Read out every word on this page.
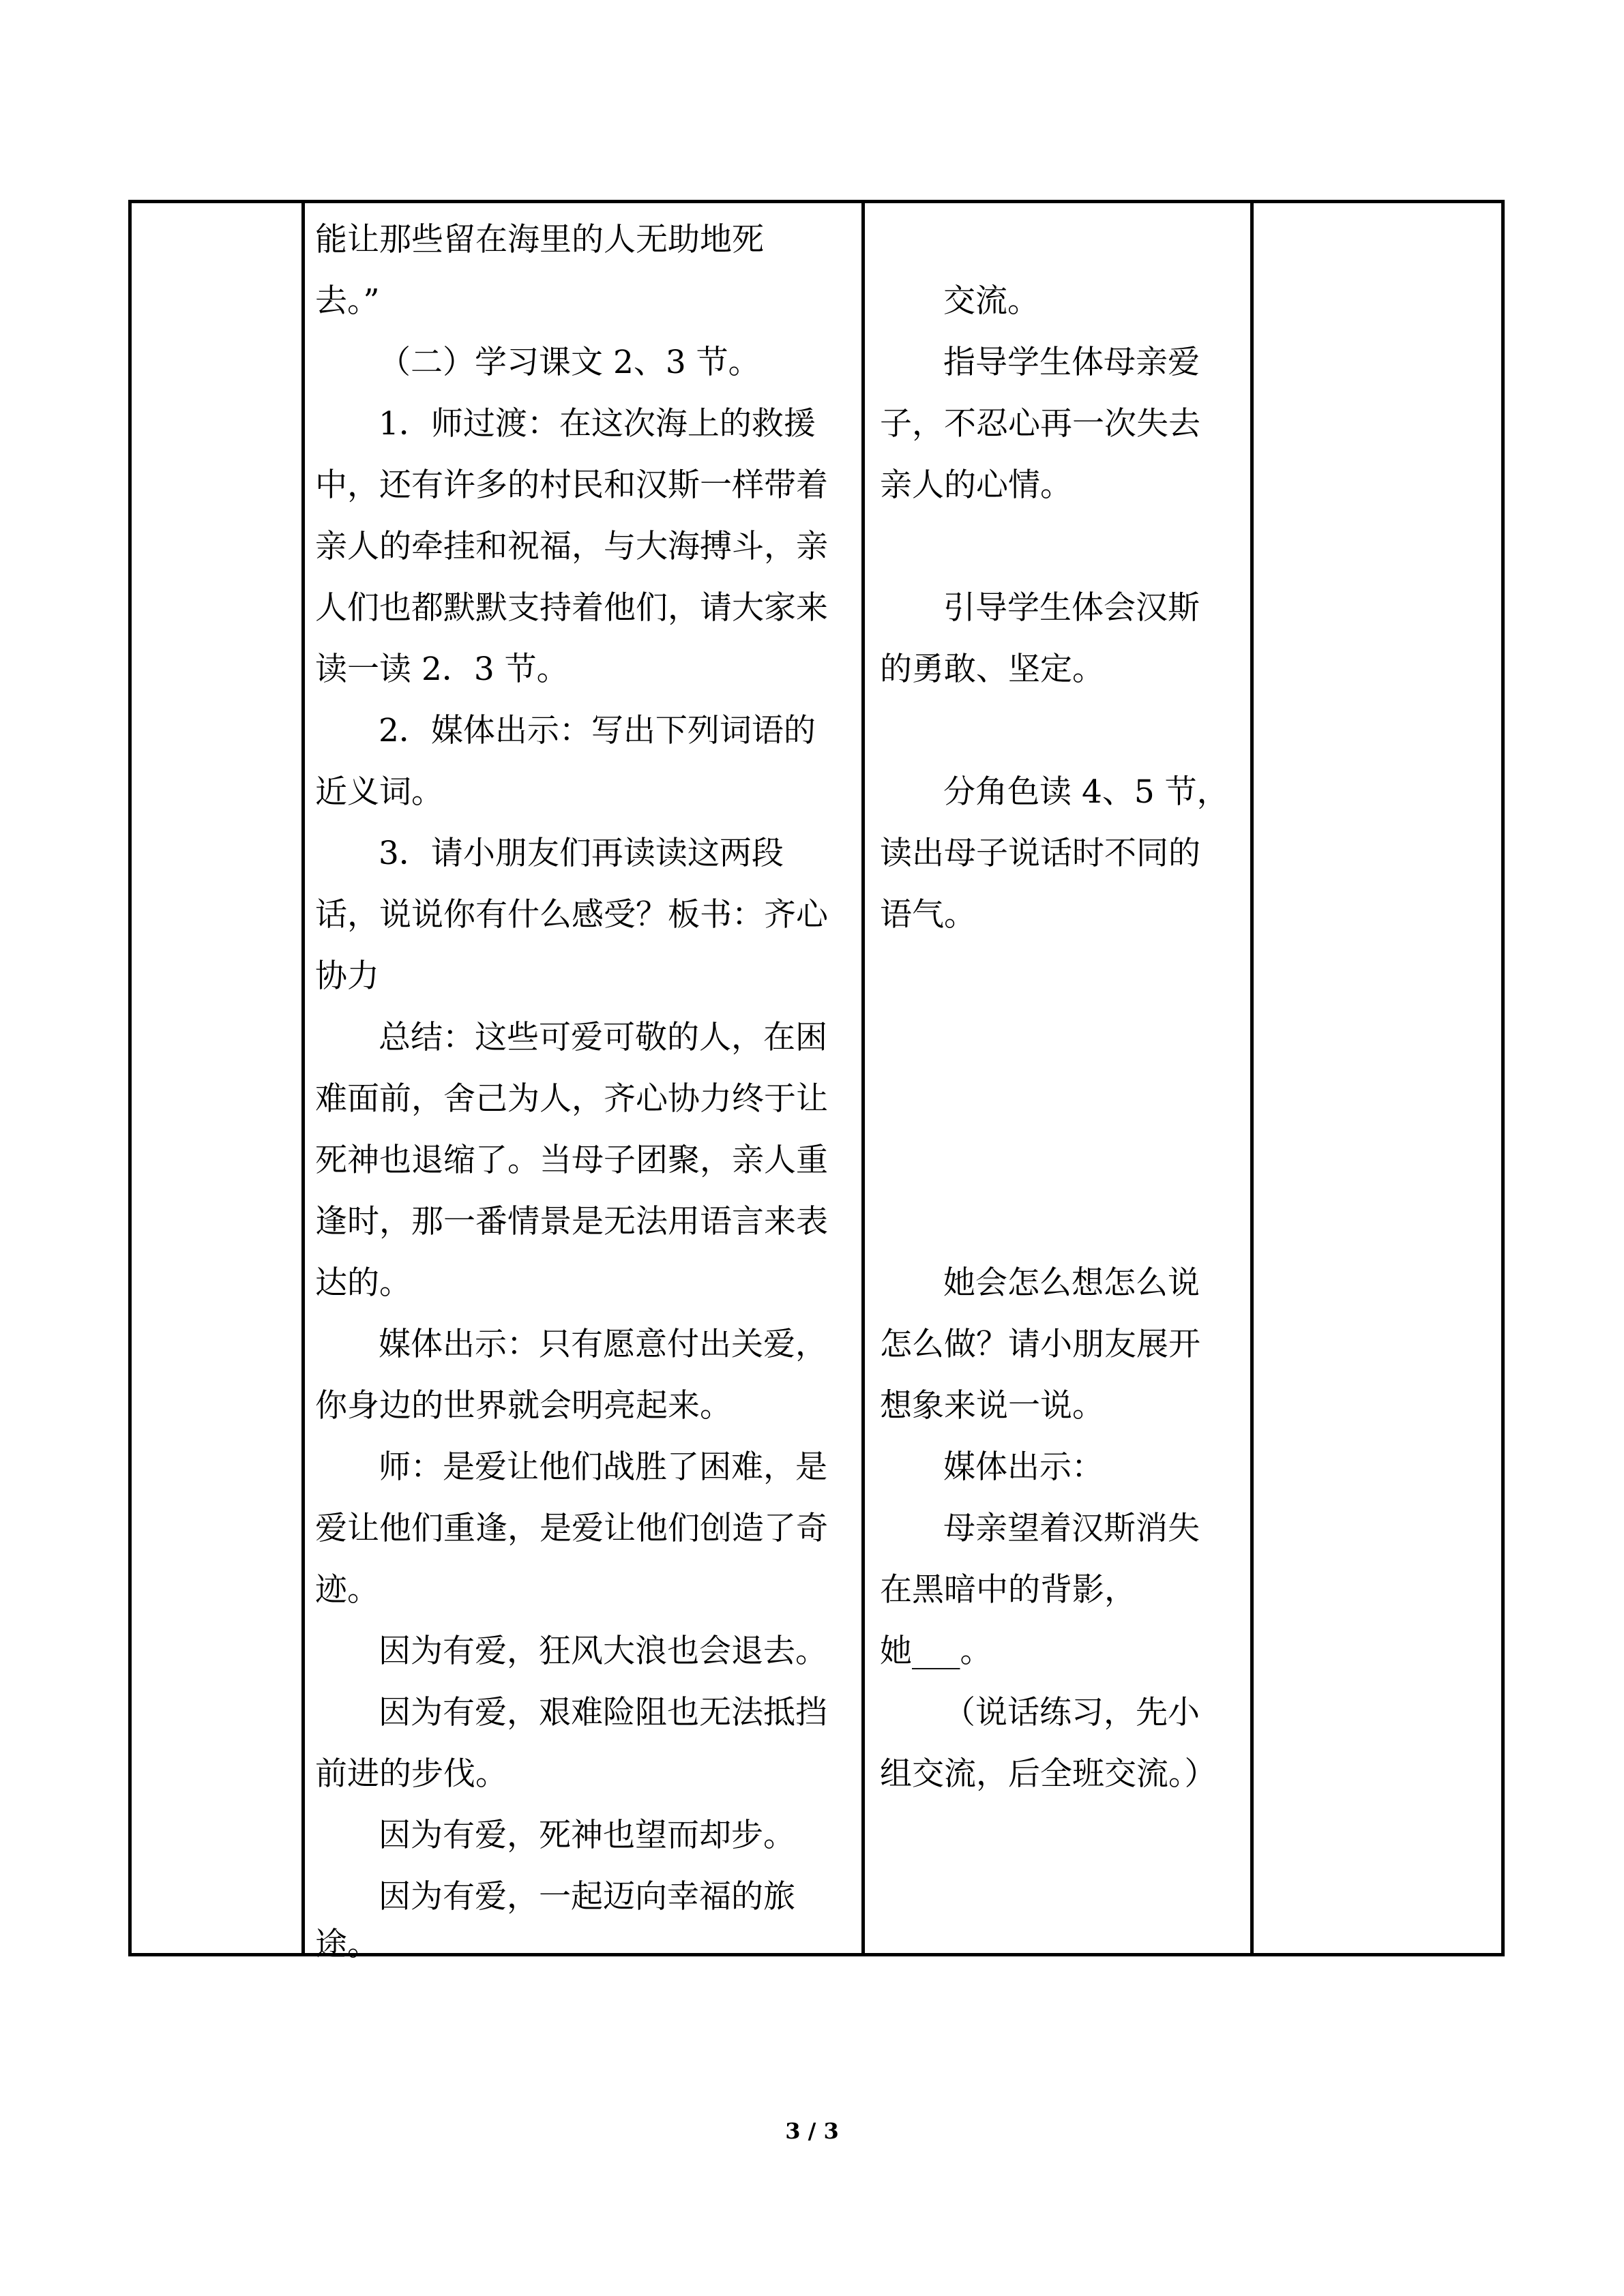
能让那些留在海里的人无助地死

去。”

（二）学习课文 2、3 节。

1．师过渡：在这次海上的救援

中，还有许多的村民和汉斯一样带着

亲人的牵挂和祝福，与大海搏斗，亲

人们也都默默支持着他们，请大家来

读一读 2．3 节。

2．媒体出示：写出下列词语的

近义词。

3．请小朋友们再读读这两段

话，说说你有什么感受？板书：齐心

协力

总结：这些可爱可敬的人，在困

难面前，舍己为人，齐心协力终于让

死神也退缩了。当母子团聚，亲人重

逢时，那一番情景是无法用语言来表

达的。

媒体出示：只有愿意付出关爱，

你身边的世界就会明亮起来。

师：是爱让他们战胜了困难，是

爱让他们重逢，是爱让他们创造了奇

迹。

因为有爱，狂风大浪也会退去。

因为有爱，艰难险阻也无法抵挡

前进的步伐。

因为有爱，死神也望而却步。

因为有爱，一起迈向幸福的旅

途。

交流。

指导学生体母亲爱

子，不忍心再一次失去

亲人的心情。

引导学生体会汉斯

的勇敢、坚定。

分角色读 4、5 节，

读出母子说话时不同的

语气。

她会怎么想怎么说

怎么做？请小朋友展开

想象来说一说。

媒体出示：

母亲望着汉斯消失

在黑暗中的背影，

她___。

（说话练习，先小

组交流，后全班交流。）

3 / 3
